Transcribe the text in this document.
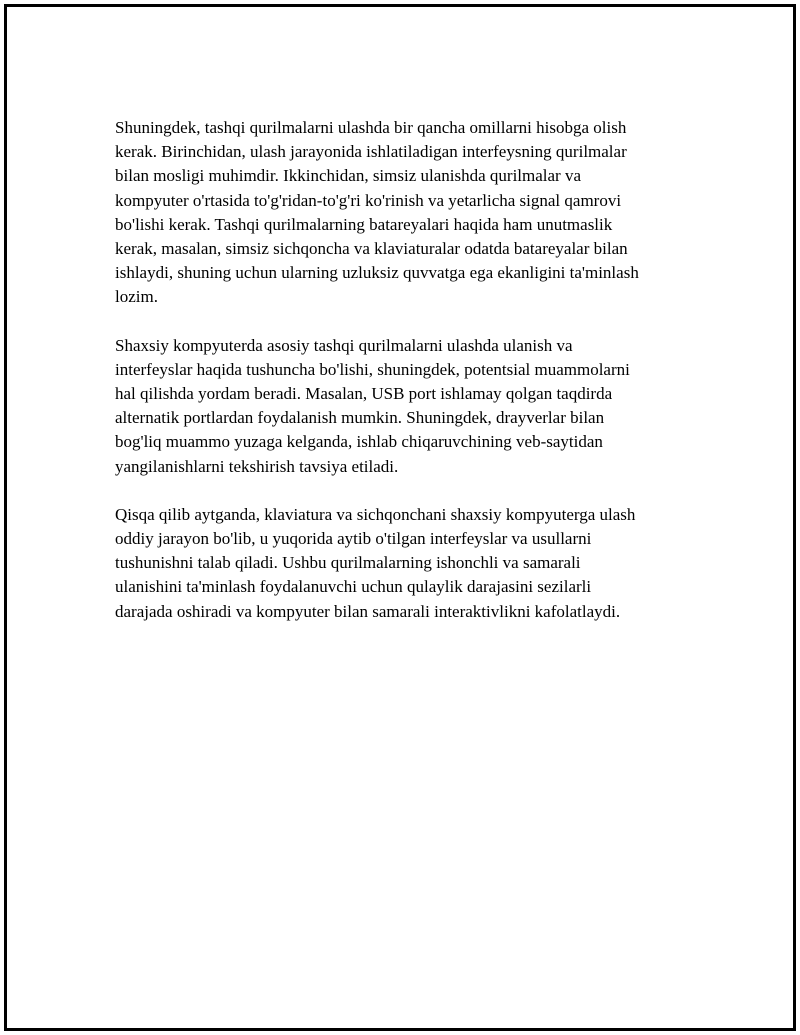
Shuningdek, tashqi qurilmalarni ulashda bir qancha omillarni hisobga olish
kerak. Birinchidan, ulash jarayonida ishlatiladigan interfeysning qurilmalar
bilan mosligi muhimdir. Ikkinchidan, simsiz ulanishda qurilmalar va
kompyuter o'rtasida to'g'ridan-to'g'ri ko'rinish va yetarlicha signal qamrovi
bo'lishi kerak. Tashqi qurilmalarning batareyalari haqida ham unutmaslik
kerak, masalan, simsiz sichqoncha va klaviaturalar odatda batareyalar bilan
ishlaydi, shuning uchun ularning uzluksiz quvvatga ega ekanligini ta'minlash
lozim.

Shaxsiy kompyuterda asosiy tashqi qurilmalarni ulashda ulanish va
interfeyslar haqida tushuncha bo'lishi, shuningdek, potentsial muammolarni
hal qilishda yordam beradi. Masalan, USB port ishlamay qolgan taqdirda
alternatik portlardan foydalanish mumkin. Shuningdek, drayverlar bilan
bog'liq muammo yuzaga kelganda, ishlab chiqaruvchining veb-saytidan
yangilanishlarni tekshirish tavsiya etiladi.

Qisqa qilib aytganda, klaviatura va sichqonchani shaxsiy kompyuterga ulash
oddiy jarayon bo'lib, u yuqorida aytib o'tilgan interfeyslar va usullarni
tushunishni talab qiladi. Ushbu qurilmalarning ishonchli va samarali
ulanishini ta'minlash foydalanuvchi uchun qulaylik darajasini sezilarli
darajada oshiradi va kompyuter bilan samarali interaktivlikni kafolatlaydi.
